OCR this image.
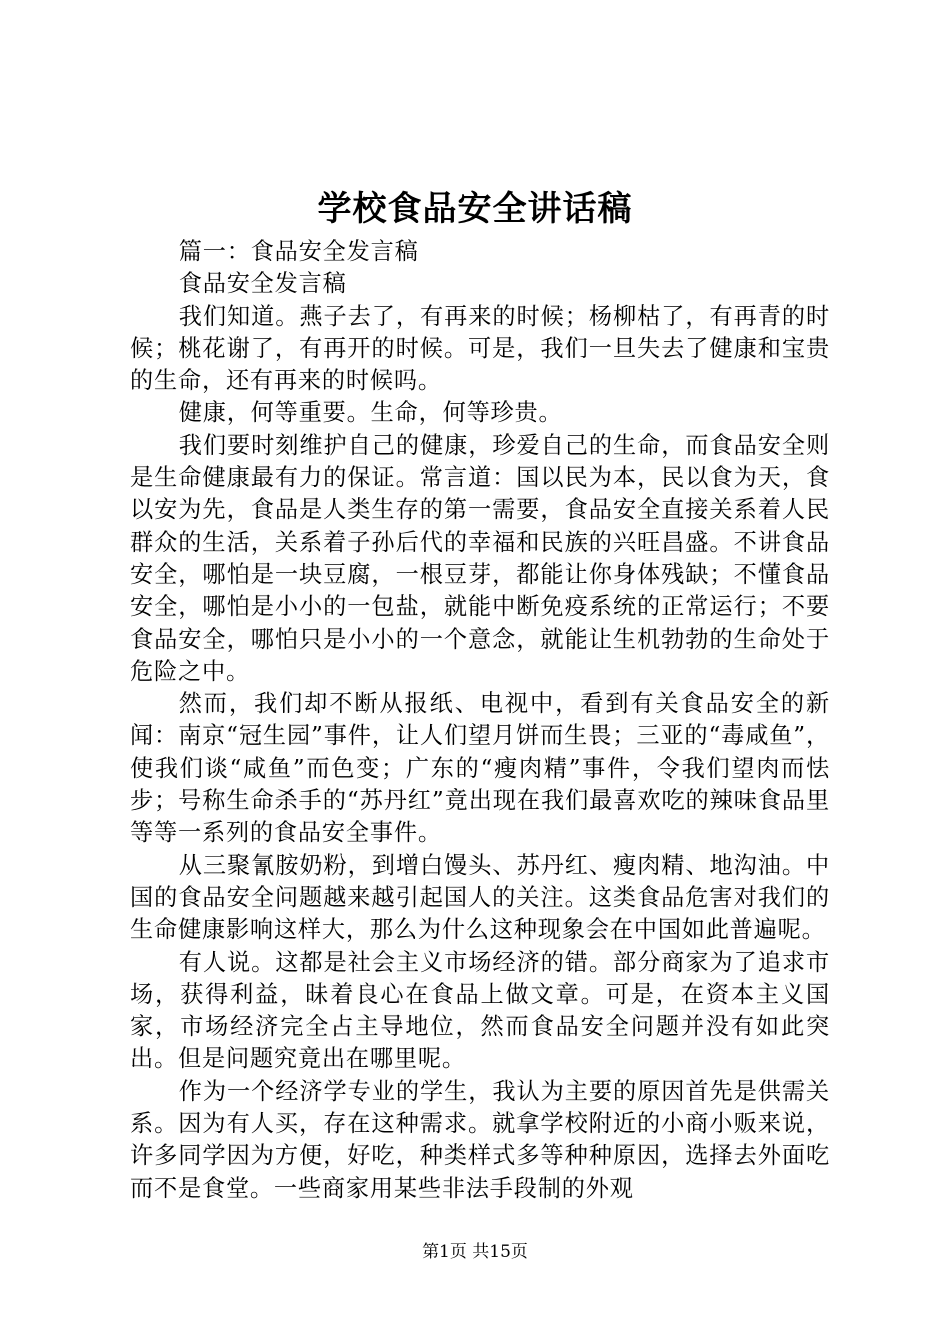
学校食品安全讲话稿

篇一：食品安全发言稿

食品安全发言稿

我们知道。燕子去了，有再来的时候；杨柳枯了，有再青的时候；桃花谢了，有再开的时候。可是，我们一旦失去了健康和宝贵的生命，还有再来的时候吗。

健康，何等重要。生命，何等珍贵。

我们要时刻维护自己的健康，珍爱自己的生命，而食品安全则是生命健康最有力的保证。常言道：国以民为本，民以食为天，食以安为先，食品是人类生存的第一需要，食品安全直接关系着人民群众的生活，关系着子孙后代的幸福和民族的兴旺昌盛。不讲食品安全，哪怕是一块豆腐，一根豆芽，都能让你身体残缺；不懂食品安全，哪怕是小小的一包盐，就能中断免疫系统的正常运行；不要食品安全，哪怕只是小小的一个意念，就能让生机勃勃的生命处于危险之中。

然而，我们却不断从报纸、电视中，看到有关食品安全的新闻：南京“冠生园”事件，让人们望月饼而生畏；三亚的“毒咸鱼”，使我们谈“咸鱼”而色变；广东的“瘦肉精”事件，令我们望肉而怯步；号称生命杀手的“苏丹红”竟出现在我们最喜欢吃的辣味食品里等等一系列的食品安全事件。

从三聚氰胺奶粉，到增白馒头、苏丹红、瘦肉精、地沟油。中国的食品安全问题越来越引起国人的关注。这类食品危害对我们的生命健康影响这样大，那么为什么这种现象会在中国如此普遍呢。

有人说。这都是社会主义市场经济的错。部分商家为了追求市场，获得利益，昧着良心在食品上做文章。可是，在资本主义国家，市场经济完全占主导地位，然而食品安全问题并没有如此突出。但是问题究竟出在哪里呢。

作为一个经济学专业的学生，我认为主要的原因首先是供需关系。因为有人买，存在这种需求。就拿学校附近的小商小贩来说，许多同学因为方便，好吃，种类样式多等种种原因，选择去外面吃而不是食堂。一些商家用某些非法手段制的外观

第1页 共15页
